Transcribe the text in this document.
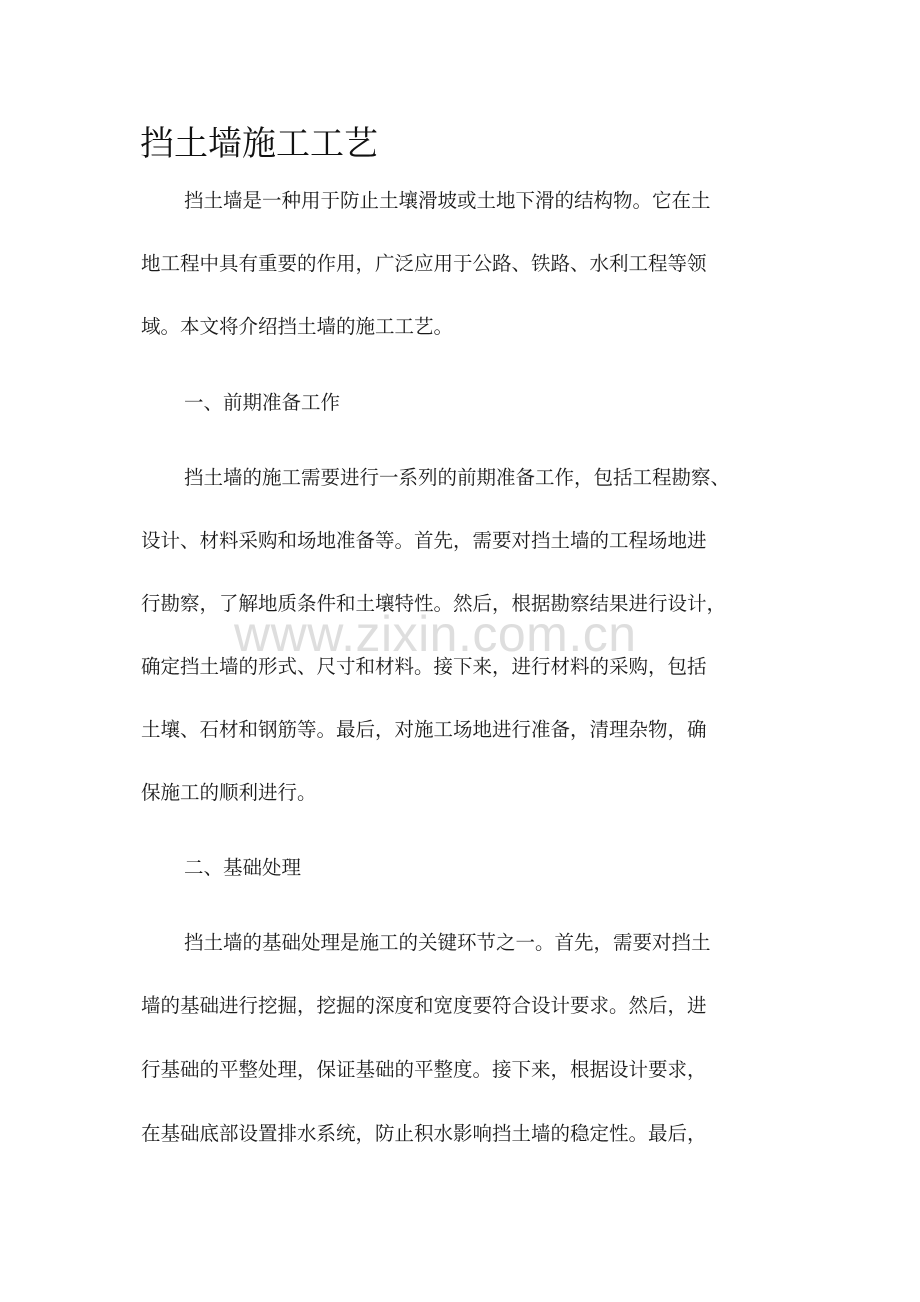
挡土墙施工工艺

挡土墙是一种用于防止土壤滑坡或土地下滑的结构物。它在土

地工程中具有重要的作用，广泛应用于公路、铁路、水利工程等领

域。本文将介绍挡土墙的施工工艺。

一、前期准备工作

挡土墙的施工需要进行一系列的前期准备工作，包括工程勘察、

设计、材料采购和场地准备等。首先，需要对挡土墙的工程场地进

行勘察，了解地质条件和土壤特性。然后，根据勘察结果进行设计，

确定挡土墙的形式、尺寸和材料。接下来，进行材料的采购，包括

土壤、石材和钢筋等。最后，对施工场地进行准备，清理杂物，确

保施工的顺利进行。

二、基础处理

挡土墙的基础处理是施工的关键环节之一。首先，需要对挡土

墙的基础进行挖掘，挖掘的深度和宽度要符合设计要求。然后，进

行基础的平整处理，保证基础的平整度。接下来，根据设计要求，

在基础底部设置排水系统，防止积水影响挡土墙的稳定性。最后，

www.zixin.com.cn
